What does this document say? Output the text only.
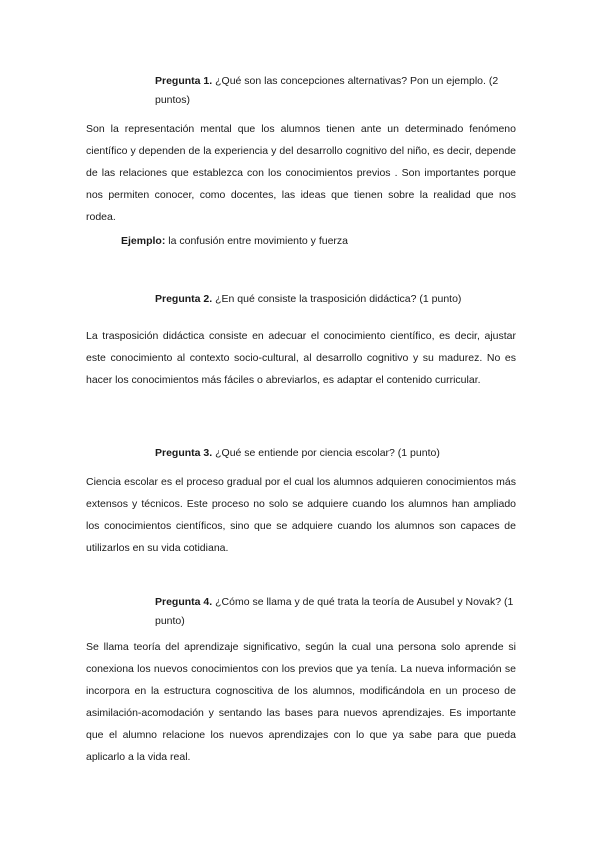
Pregunta 1. ¿Qué son las concepciones alternativas? Pon un ejemplo. (2 puntos)
Son la representación mental que los alumnos tienen ante un determinado fenómeno científico y dependen de la experiencia y del desarrollo cognitivo del niño, es decir, depende de las relaciones que establezca con los conocimientos previos . Son importantes porque nos permiten conocer, como docentes, las ideas que tienen sobre la realidad que nos rodea.
Ejemplo: la confusión entre movimiento y fuerza
Pregunta 2. ¿En qué consiste la trasposición didáctica? (1 punto)
La trasposición didáctica consiste en adecuar el conocimiento científico, es decir, ajustar este conocimiento al contexto socio-cultural, al desarrollo cognitivo y su madurez. No es hacer los conocimientos más fáciles o abreviarlos, es adaptar el contenido curricular.
Pregunta 3. ¿Qué se entiende por ciencia escolar? (1 punto)
Ciencia escolar es el proceso gradual por el cual los alumnos adquieren conocimientos más extensos y técnicos. Este proceso no solo se adquiere cuando los alumnos han ampliado los conocimientos científicos, sino que se adquiere cuando los alumnos son capaces de utilizarlos en su vida cotidiana.
Pregunta 4. ¿Cómo se llama y de qué trata la teoría de Ausubel y Novak? (1 punto)
Se llama teoría del aprendizaje significativo, según la cual una persona solo aprende si conexiona los nuevos conocimientos con los previos que ya tenía. La nueva información se incorpora en la estructura cognoscitiva de los alumnos, modificándola en un proceso de asimilación-acomodación y sentando las bases para nuevos aprendizajes. Es importante que el alumno relacione los nuevos aprendizajes con lo que ya sabe para que pueda aplicarlo a la vida real.
